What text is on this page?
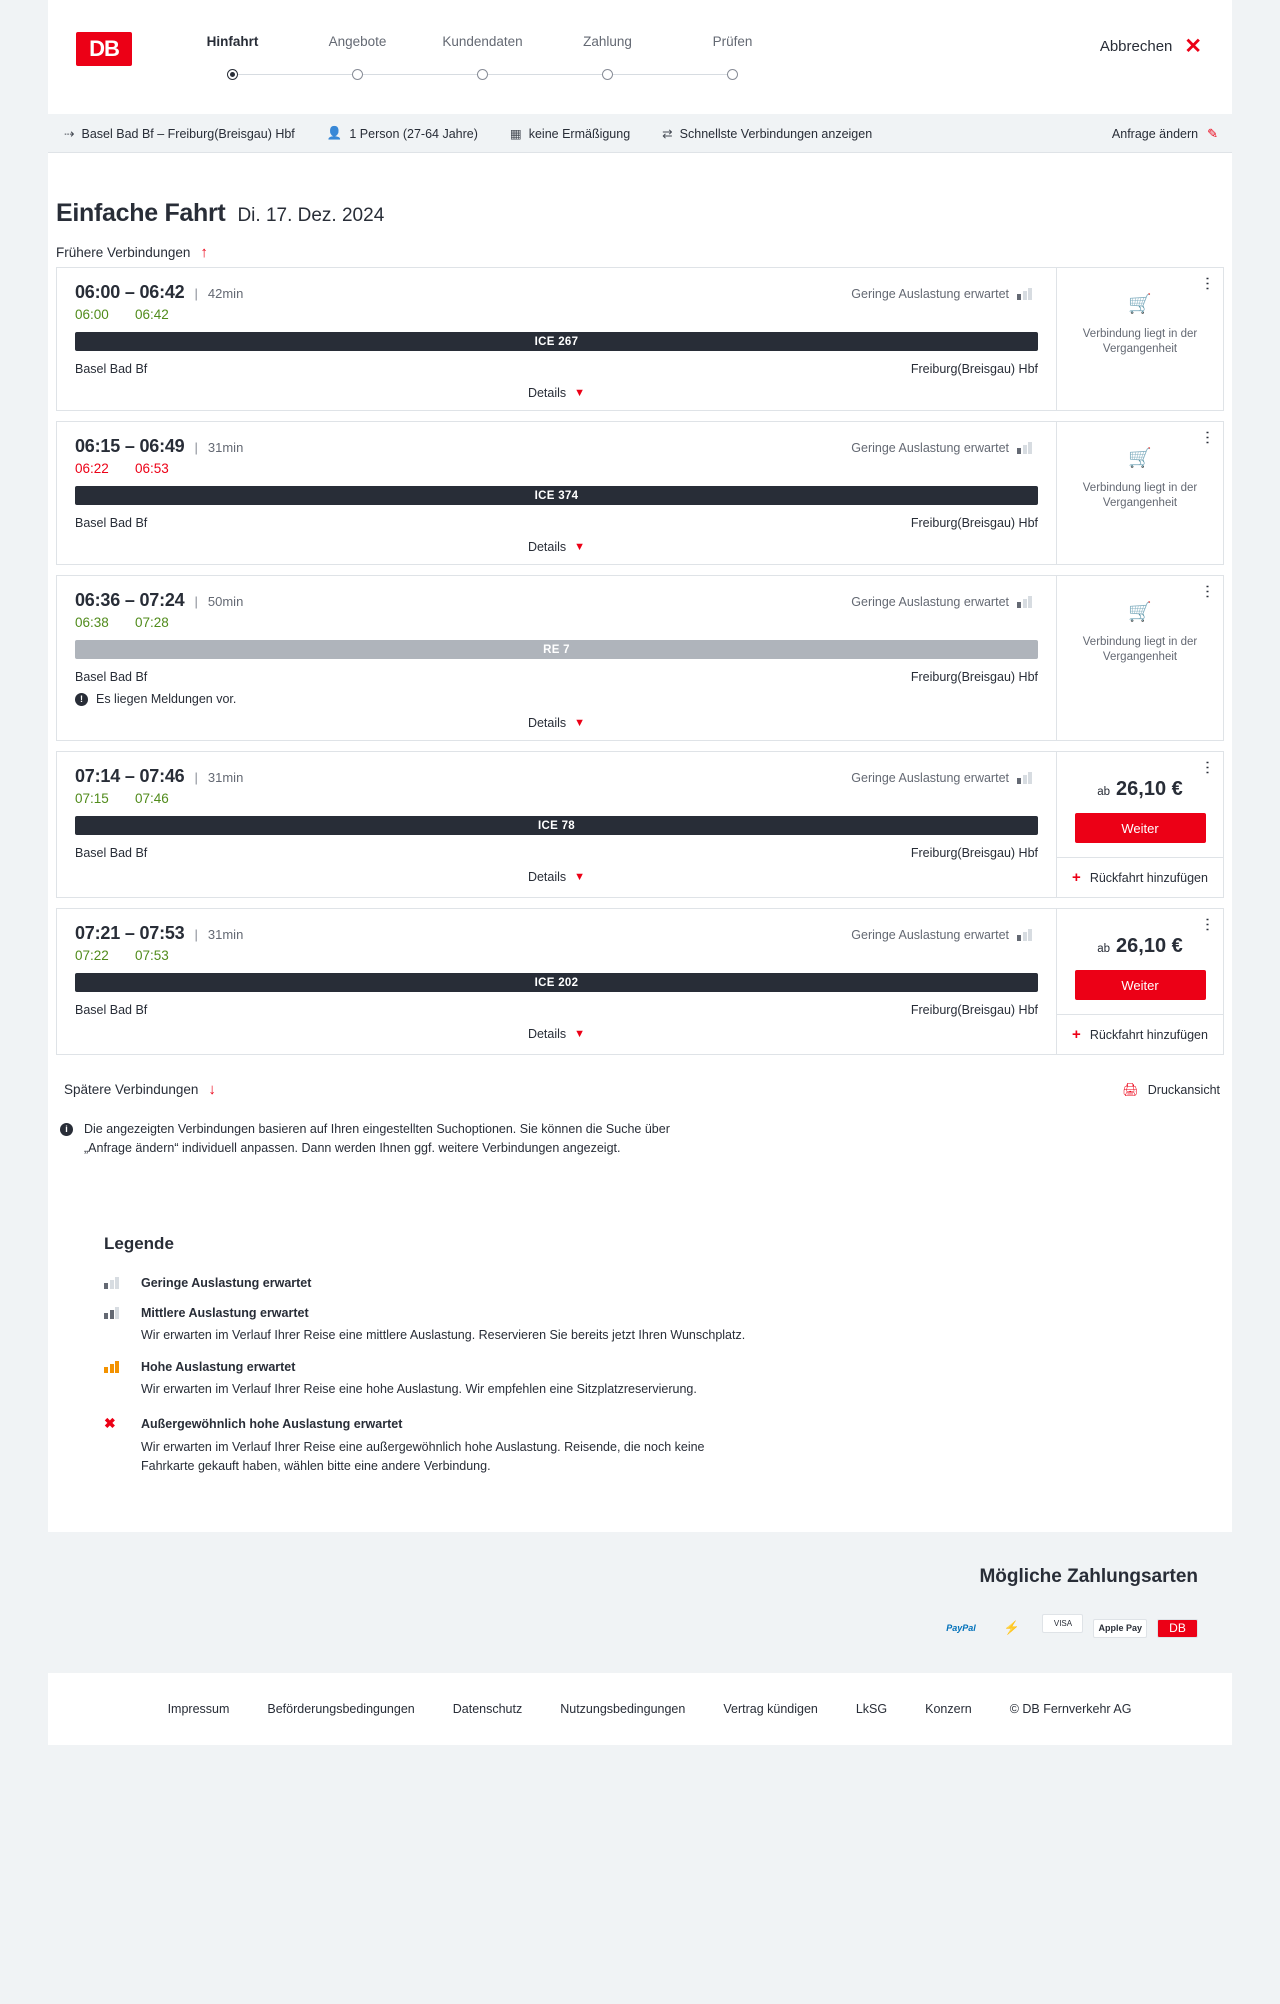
DB	Hinfahrt	Angebote	Kundendaten	Zahlung	Prüfen	Abbrechen ✕
⇢ Basel Bad Bf – Freiburg(Breisgau) Hbf	👤 1 Person (27-64 Jahre)	▦ keine Ermäßigung	⇄ Schnellste Verbindungen anzeigen	Anfrage ändern ✎
Einfache Fahrt Di. 17. Dez. 2024
Frühere Verbindungen ↑
06:00 – 06:42 | 42min	Geringe Auslastung erwartet
06:00	06:42
ICE 267
Basel Bad Bf	Freiburg(Breisgau) Hbf
Details ▼
⋯
🛒
Verbindung liegt in der Vergangenheit
06:15 – 06:49 | 31min	Geringe Auslastung erwartet
06:22	06:53
ICE 374
Basel Bad Bf	Freiburg(Breisgau) Hbf
Details ▼
⋯
🛒
Verbindung liegt in der Vergangenheit
06:36 – 07:24 | 50min	Geringe Auslastung erwartet
06:38	07:28
RE 7
Basel Bad Bf	Freiburg(Breisgau) Hbf
!	Es liegen Meldungen vor.
Details ▼
⋯
🛒
Verbindung liegt in der Vergangenheit
07:14 – 07:46 | 31min	Geringe Auslastung erwartet
07:15	07:46
ICE 78
Basel Bad Bf	Freiburg(Breisgau) Hbf
Details ▼
⋯
ab 26,10 €
Weiter
+ Rückfahrt hinzufügen
07:21 – 07:53 | 31min	Geringe Auslastung erwartet
07:22	07:53
ICE 202
Basel Bad Bf	Freiburg(Breisgau) Hbf
Details ▼
⋯
ab 26,10 €
Weiter
+ Rückfahrt hinzufügen
Spätere Verbindungen ↓	🖨 Druckansicht
i	Die angezeigten Verbindungen basieren auf Ihren eingestellten Suchoptionen. Sie können die Suche über „Anfrage ändern“ individuell anpassen. Dann werden Ihnen ggf. weitere Verbindungen angezeigt.
Legende
Geringe Auslastung erwartet
Mittlere Auslastung erwartet
Wir erwarten im Verlauf Ihrer Reise eine mittlere Auslastung. Reservieren Sie bereits jetzt Ihren Wunschplatz.
Hohe Auslastung erwartet
Wir erwarten im Verlauf Ihrer Reise eine hohe Auslastung. Wir empfehlen eine Sitzplatzreservierung.
✖	Außergewöhnlich hohe Auslastung erwartet
Wir erwarten im Verlauf Ihrer Reise eine außergewöhnlich hohe Auslastung. Reisende, die noch keine Fahrkarte gekauft haben, wählen bitte eine andere Verbindung.
Mögliche Zahlungsarten
PayPal	⚡	VISA	Apple Pay	DB
Impressum	Beförderungsbedingungen	Datenschutz	Nutzungsbedingungen	Vertrag kündigen	LkSG	Konzern	© DB Fernverkehr AG
